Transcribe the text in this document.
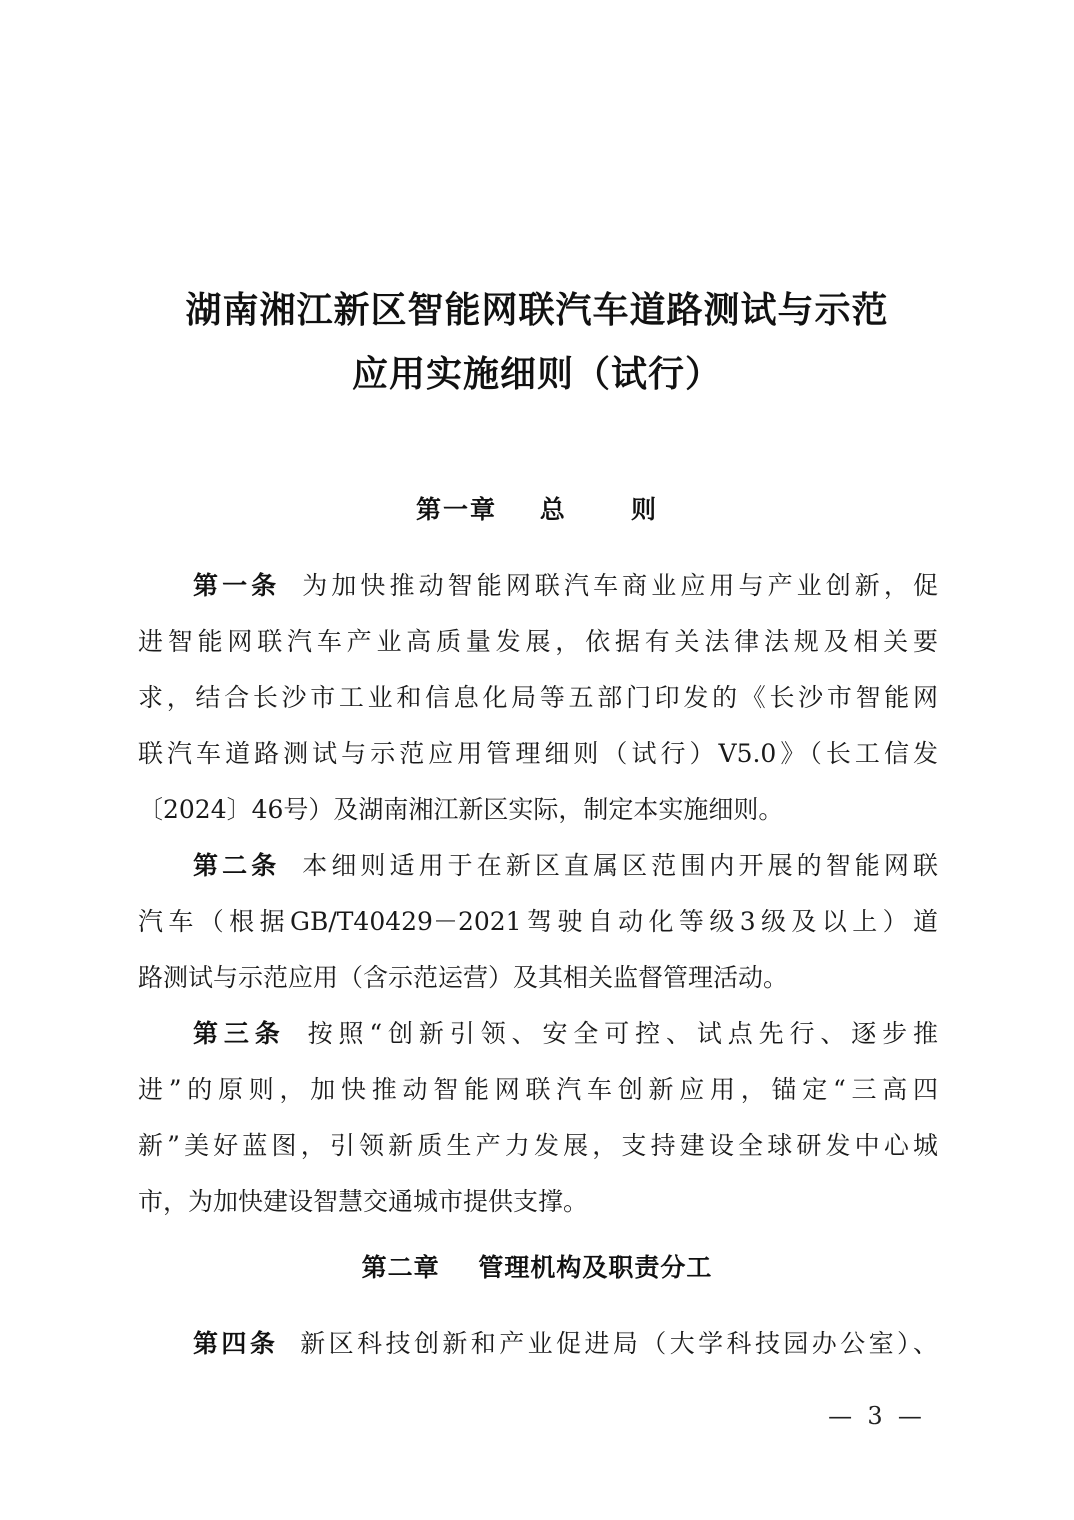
湖南湘江新区智能网联汽车道路测试与示范
应用实施细则（试行）
第一章    总      则
第一条 为加快推动智能网联汽车商业应用与产业创新，促
进智能网联汽车产业高质量发展，依据有关法律法规及相关要
求，结合长沙市工业和信息化局等五部门印发的《长沙市智能网
联汽车道路测试与示范应用管理细则（试行）V5.0》（长工信发
〔2024〕46号）及湖南湘江新区实际，制定本实施细则。
第二条 本细则适用于在新区直属区范围内开展的智能网联
汽车（根据GB/T40429－2021驾驶自动化等级3级及以上）道
路测试与示范应用（含示范运营）及其相关监督管理活动。
第三条 按照“创新引领、安全可控、试点先行、逐步推
进”的原则，加快推动智能网联汽车创新应用，锚定“三高四
新”美好蓝图，引领新质生产力发展，支持建设全球研发中心城
市，为加快建设智慧交通城市提供支撑。
第二章    管理机构及职责分工
第四条 新区科技创新和产业促进局（大学科技园办公室）、
—  3  —
